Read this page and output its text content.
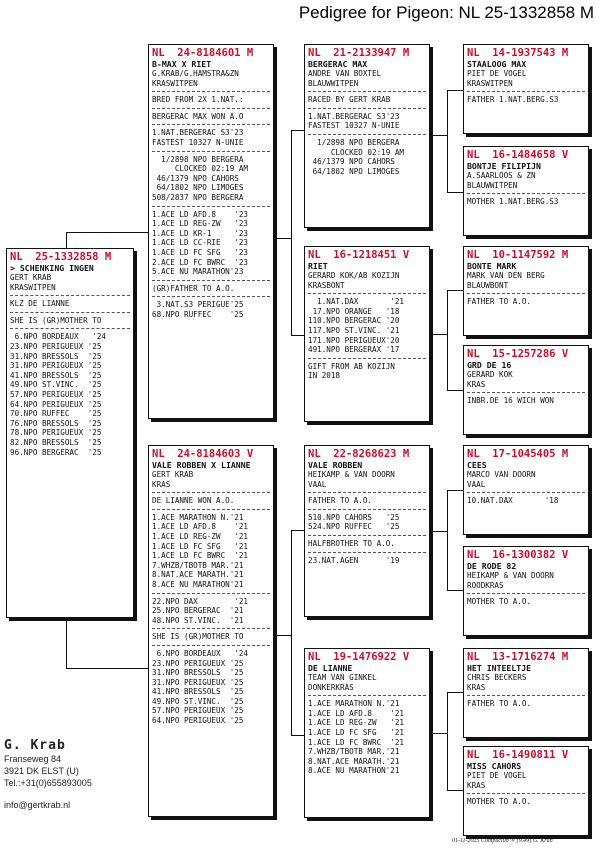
Pedigree for Pigeon: NL 25-1332858 M
NL  25-1332858 M
> SCHENKING INGEN
GERT KRAB
KRASWITPEN
KLZ DE LIANNE
SHE IS (GR)MOTHER TO
6.NPO BORDEAUX   '24
23.NPO PERIGUEUX '25
31.NPO BRESSOLS  '25
31.NPO PERIGUEUX '25
41.NPO BRESSOLS  '25
49.NPO ST.VINC.  '25
57.NPO PERIGUEUX '25
64.NPO PERIGUEUX '25
70.NPO RUFFEC    '25
76.NPO BRESSOLS  '25
78.NPO PERIGUEUX '25
82.NPO BRESSOLS  '25
96.NPO BERGERAC  '25
NL  24-8184601 M
B-MAX X RIET
G.KRAB/G.HAMSTRA&ZN
KRASWITPEN
BRED FROM 2X 1.NAT.:
BERGERAC MAX WON A.O
1.NAT.BERGERAC S3'23
FASTEST 10327 N-UNIE
1/2898 NPO BERGERA
CLOCKED 02:19 AM
46/1379 NPO CAHORS
64/1802 NPO LIMOGES
508/2837 NPO BERGERA
1.ACE LD AFD.8    '23
1.ACE LD REG-ZW   '23
1.ACE LD KR-1     '23
1.ACE LD CC-RIE   '23
1.ACE LD FC SFG   '23
2.ACE LD FC BWRC  '23
5.ACE NU MARATHON'23
(GR)FATHER TO A.O.
3.NAT.S3 PERIGUE'25
68.NPO RUFFEC    '25
NL  24-8184603 V
VALE ROBBEN X LIANNE
GERT KRAB
KRAS
DE LIANNE WON A.O.
1.ACE MARATHON N.'21
1.ACE LD AFD.8    '21
1.ACE LD REG-ZW   '21
1.ACE LD FC SFG   '21
1.ACE LD FC BWRC  '21
7.WHZB/TBOTB MAR.'21
8.NAT.ACE MARATH.'21
8.ACE NU MARATHON'21
22.NPO DAX        '21
25.NPO BERGERAC  '21
48.NPO ST.VINC.  '21
SHE IS (GR)MOTHER TO
6.NPO BORDEAUX   '24
23.NPO PERIGUEUX '25
31.NPO BRESSOLS  '25
31.NPO PERIGUEUX '25
41.NPO BRESSOLS  '25
49.NPO ST.VINC.  '25
57.NPO PERIGUEUX '25
64.NPO PERIGUEUX '25
NL  21-2133947 M
BERGERAC MAX
ANDRE VAN BOXTEL
BLAUWWITPEN
RACED BY GERT KRAB
1.NAT.BERGERAC S3'23
FASTEST 10327 N-UNIE
1/2898 NPO BERGERA
CLOCKED 02:19 AM
46/1379 NPO CAHORS
64/1802 NPO LIMOGES
NL  16-1218451 V
RIET
GERARD KOK/AB KOZIJN
KRASBONT
1.NAT.DAX       '21
17.NPO ORANGE   '18
110.NPO BERGERAC '20
117.NPO ST.VINC. '21
171.NPO PERIGUEUX'20
491.NPO BERGERAX '17
GIFT FROM AB KOZIJN
IN 2018
NL  22-8268623 M
VALE ROBBEN
HEIKAMP & VAN DOORN
VAAL
FATHER TO A.O.
510.NPO CAHORS   '25
524.NPO RUFFEC   '25
HALFBROTHER TO A.O.
23.NAT.AGEN      '19
NL  19-1476922 V
DE LIANNE
TEAM VAN GINKEL
DONKERKRAS
1.ACE MARATHON N.'21
1.ACE LD AFD.8    '21
1.ACE LD REG-ZW   '21
1.ACE LD FC SFG   '21
1.ACE LD FC BWRC  '21
7.WHZB/TBOTB MAR.'21
8.NAT.ACE MARATH.'21
8.ACE NU MARATHON'21
NL  14-1937543 M
STAALOOG MAX
PIET DE VOGEL
KRASWITPEN
FATHER 1.NAT.BERG.S3
NL  16-1484658 V
BONTJE FILIPIJN
A.SAARLOOS & ZN
BLAUWWITPEN
MOTHER 1.NAT.BERG.S3
NL  10-1147592 M
BONTE MARK
MARK VAN DEN BERG
BLAUWBONT
FATHER TO A.O.
NL  15-1257286 V
GRD DE 16
GERARD KOK
KRAS
INBR.DE 16 WICH WON
NL  17-1045405 M
CEES
MARCO VAN DOORN
VAAL
10.NAT.DAX       '18
NL  16-1300382 V
DE RODE 82
HEIKAMP & VAN DOORN
ROODKRAS
MOTHER TO A.O.
NL  13-1716274 M
HET INTEELTJE
CHRIS BECKERS
KRAS
FATHER TO A.O.
NL  16-1490811 V
MISS CAHORS
PIET DE VOGEL
KRAS
MOTHER TO A.O.
G. Krab
Franseweg 84
3921 DK ELST (U)
Tel.:+31(0)655893005
info@gertkrab.nl
01-11-2025 Compuclub ® [9.49] G. Krab
